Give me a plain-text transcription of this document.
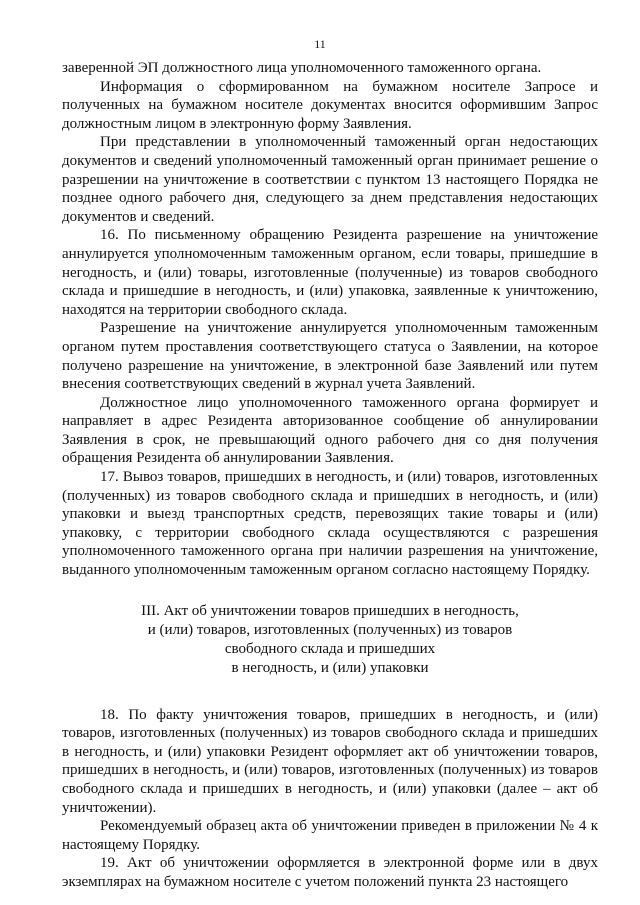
11

заверенной ЭП должностного лица уполномоченного таможенного органа.

Информация о сформированном на бумажном носителе Запросе и полученных на бумажном носителе документах вносится оформившим Запрос должностным лицом в электронную форму Заявления.

При представлении в уполномоченный таможенный орган недостающих документов и сведений уполномоченный таможенный орган принимает решение о разрешении на уничтожение в соответствии с пунктом 13 настоящего Порядка не позднее одного рабочего дня, следующего за днем представления недостающих документов и сведений.

16. По письменному обращению Резидента разрешение на уничтожение аннулируется уполномоченным таможенным органом, если товары, пришедшие в негодность, и (или) товары, изготовленные (полученные) из товаров свободного склада и пришедшие в негодность, и (или) упаковка, заявленные к уничтожению, находятся на территории свободного склада.

Разрешение на уничтожение аннулируется уполномоченным таможенным органом путем проставления соответствующего статуса о Заявлении, на которое получено разрешение на уничтожение, в электронной базе Заявлений или путем внесения соответствующих сведений в журнал учета Заявлений.

Должностное лицо уполномоченного таможенного органа формирует и направляет в адрес Резидента авторизованное сообщение об аннулировании Заявления в срок, не превышающий одного рабочего дня со дня получения обращения Резидента об аннулировании Заявления.

17. Вывоз товаров, пришедших в негодность, и (или) товаров, изготовленных (полученных) из товаров свободного склада и пришедших в негодность, и (или) упаковки и выезд транспортных средств, перевозящих такие товары и (или) упаковку, с территории свободного склада осуществляются с разрешения уполномоченного таможенного органа при наличии разрешения на уничтожение, выданного уполномоченным таможенным органом согласно настоящему Порядку.

III. Акт об уничтожении товаров пришедших в негодность,
и (или) товаров, изготовленных (полученных) из товаров
свободного склада и пришедших
в негодность, и (или) упаковки

18. По факту уничтожения товаров, пришедших в негодность, и (или) товаров, изготовленных (полученных) из товаров свободного склада и пришедших в негодность, и (или) упаковки Резидент оформляет акт об уничтожении товаров, пришедших в негодность, и (или) товаров, изготовленных (полученных) из товаров свободного склада и пришедших в негодность, и (или) упаковки (далее – акт об уничтожении).

Рекомендуемый образец акта об уничтожении приведен в приложении № 4 к настоящему Порядку.

19. Акт об уничтожении оформляется в электронной форме или в двух экземплярах на бумажном носителе с учетом положений пункта 23 настоящего
